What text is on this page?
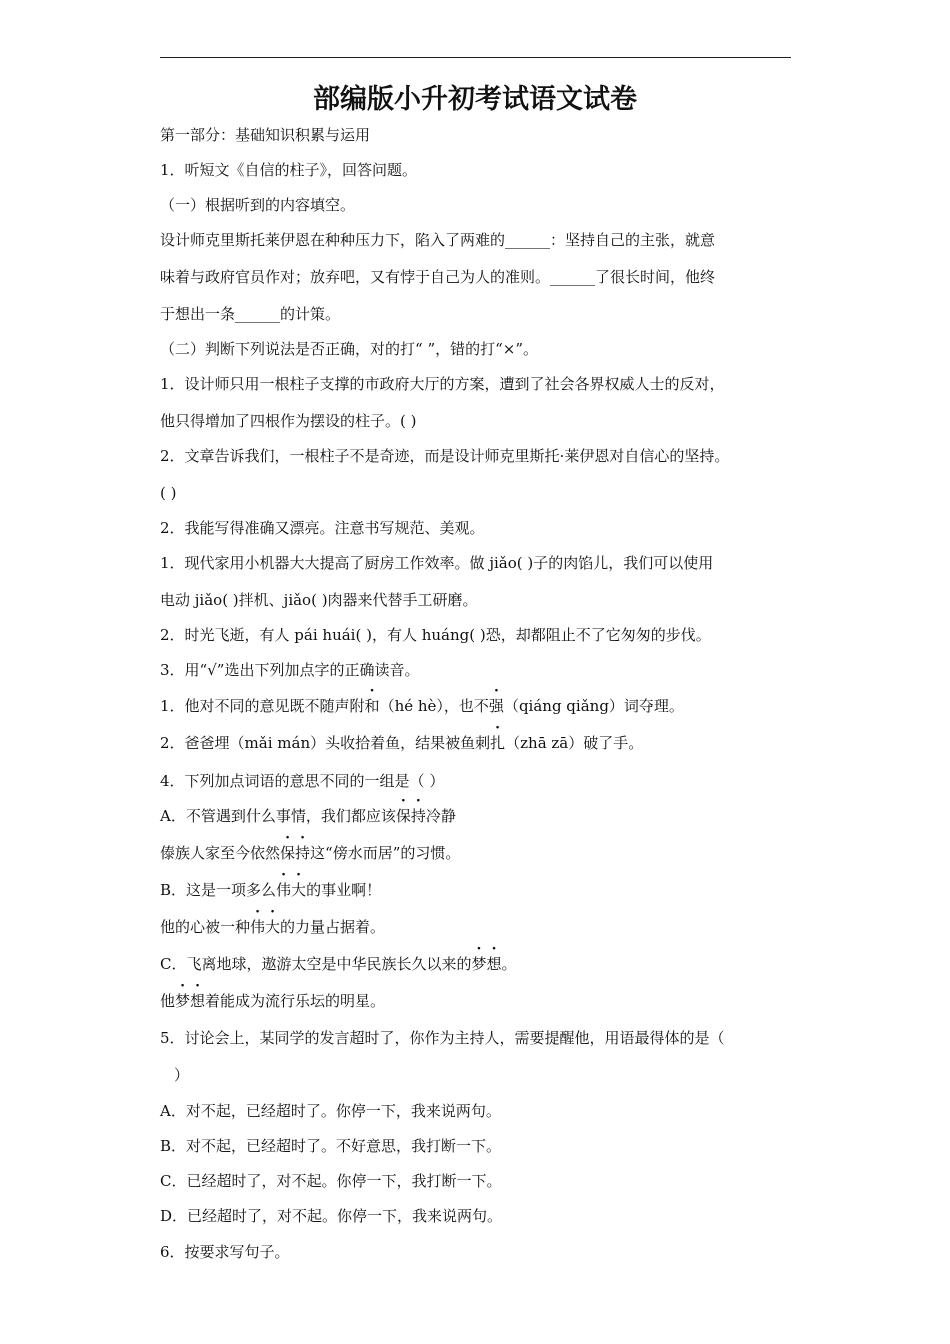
部编版小升初考试语文试卷
第一部分：基础知识积累与运用
1．听短文《自信的柱子》，回答问题。
（一）根据听到的内容填空。
设计师克里斯托莱伊恩在种种压力下，陷入了两难的______：坚持自己的主张，就意
味着与政府官员作对；放弃吧，又有悖于自己为人的准则。______了很长时间，他终
于想出一条______的计策。
（二）判断下列说法是否正确，对的打“ ”，错的打“×”。
1．设计师只用一根柱子支撑的市政府大厅的方案，遭到了社会各界权威人士的反对，
他只得增加了四根作为摆设的柱子。( )
2．文章告诉我们，一根柱子不是奇迹，而是设计师克里斯托·莱伊恩对自信心的坚持。
( )
2．我能写得准确又漂亮。注意书写规范、美观。
1．现代家用小机器大大提高了厨房工作效率。做 jiǎo( )子的肉馅儿，我们可以使用
电动 jiǎo( )拌机、jiǎo( )肉器来代替手工研磨。
2．时光飞逝，有人 pái huái( )，有人 huáng( )恐，却都阻止不了它匆匆的步伐。
3．用“√”选出下列加点字的正确读音。
1．他对不同的意见既不随声附和（hé hè），也不强（qiáng qiǎng）词夺理。
2．爸爸埋（mǎi mán）头收拾着鱼，结果被鱼刺扎（zhā zā）破了手。
4．下列加点词语的意思不同的一组是（ ）
A．不管遇到什么事情，我们都应该保持冷静
傣族人家至今依然保持这“傍水而居”的习惯。
B．这是一项多么伟大的事业啊！
他的心被一种伟大的力量占据着。
C．飞离地球，遨游太空是中华民族长久以来的梦想。
他梦想着能成为流行乐坛的明星。
5．讨论会上，某同学的发言超时了，你作为主持人，需要提醒他，用语最得体的是（
）
A．对不起，已经超时了。你停一下，我来说两句。
B．对不起，已经超时了。不好意思，我打断一下。
C．已经超时了，对不起。你停一下，我打断一下。
D．已经超时了，对不起。你停一下，我来说两句。
6．按要求写句子。
